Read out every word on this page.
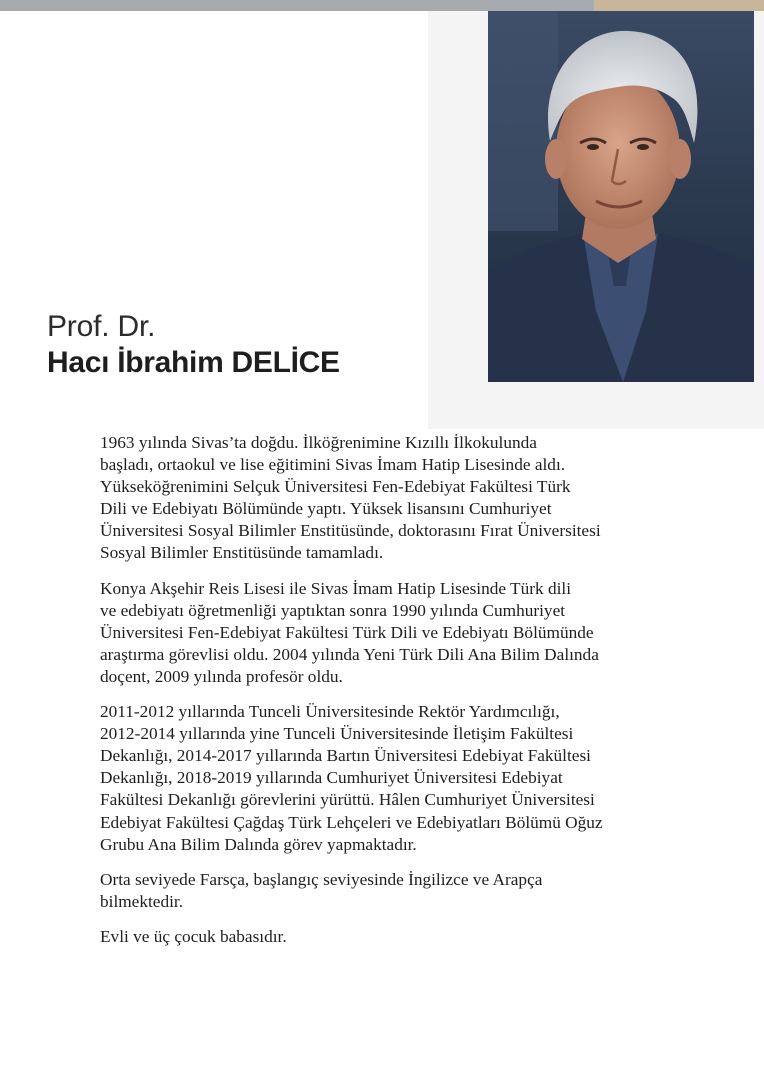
Prof. Dr.
Hacı İbrahim DELİCE

1963 yılında Sivas’ta doğdu. İlköğrenimine Kızıllı İlkokulunda
başladı, ortaokul ve lise eğitimini Sivas İmam Hatip Lisesinde aldı.
Yükseköğrenimini Selçuk Üniversitesi Fen-Edebiyat Fakültesi Türk
Dili ve Edebiyatı Bölümünde yaptı. Yüksek lisansını Cumhuriyet
Üniversitesi Sosyal Bilimler Enstitüsünde, doktorasını Fırat Üniversitesi
Sosyal Bilimler Enstitüsünde tamamladı.

Konya Akşehir Reis Lisesi ile Sivas İmam Hatip Lisesinde Türk dili
ve edebiyatı öğretmenliği yaptıktan sonra 1990 yılında Cumhuriyet
Üniversitesi Fen-Edebiyat Fakültesi Türk Dili ve Edebiyatı Bölümünde
araştırma görevlisi oldu. 2004 yılında Yeni Türk Dili Ana Bilim Dalında
doçent, 2009 yılında profesör oldu.

2011-2012 yıllarında Tunceli Üniversitesinde Rektör Yardımcılığı,
2012-2014 yıllarında yine Tunceli Üniversitesinde İletişim Fakültesi
Dekanlığı, 2014-2017 yıllarında Bartın Üniversitesi Edebiyat Fakültesi
Dekanlığı, 2018-2019 yıllarında Cumhuriyet Üniversitesi Edebiyat
Fakültesi Dekanlığı görevlerini yürüttü. Hâlen Cumhuriyet Üniversitesi
Edebiyat Fakültesi Çağdaş Türk Lehçeleri ve Edebiyatları Bölümü Oğuz
Grubu Ana Bilim Dalında görev yapmaktadır.

Orta seviyede Farsça, başlangıç seviyesinde İngilizce ve Arapça
bilmektedir.

Evli ve üç çocuk babasıdır.
